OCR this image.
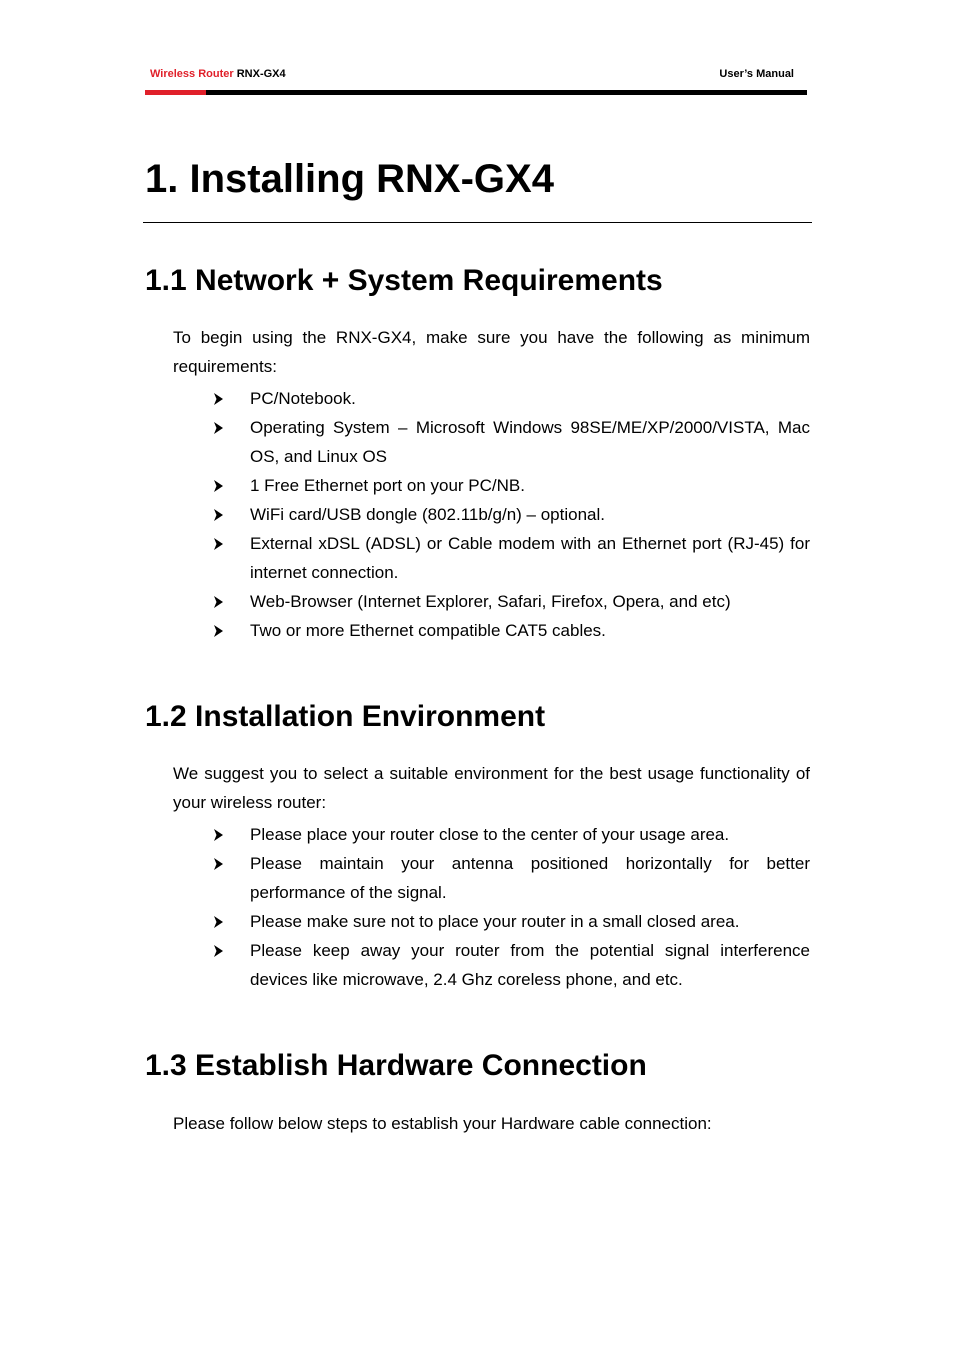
Wireless Router RNX-GX4	User’s Manual
1. Installing RNX-GX4
1.1 Network + System Requirements

To begin using the RNX-GX4, make sure you have the following as minimum requirements:

PC/Notebook.
Operating System – Microsoft Windows 98SE/ME/XP/2000/VISTA, Mac OS, and Linux OS
1 Free Ethernet port on your PC/NB.
WiFi card/USB dongle (802.11b/g/n) – optional.
External xDSL (ADSL) or Cable modem with an Ethernet port (RJ-45) for internet connection.
Web-Browser (Internet Explorer, Safari, Firefox, Opera, and etc)
Two or more Ethernet compatible CAT5 cables.
1.2 Installation Environment

We suggest you to select a suitable environment for the best usage functionality of your wireless router:

Please place your router close to the center of your usage area.
Please maintain your antenna positioned horizontally for better performance of the signal.
Please make sure not to place your router in a small closed area.
Please keep away your router from the potential signal interference devices like microwave, 2.4 Ghz coreless phone, and etc.
1.3 Establish Hardware Connection

Please follow below steps to establish your Hardware cable connection:
